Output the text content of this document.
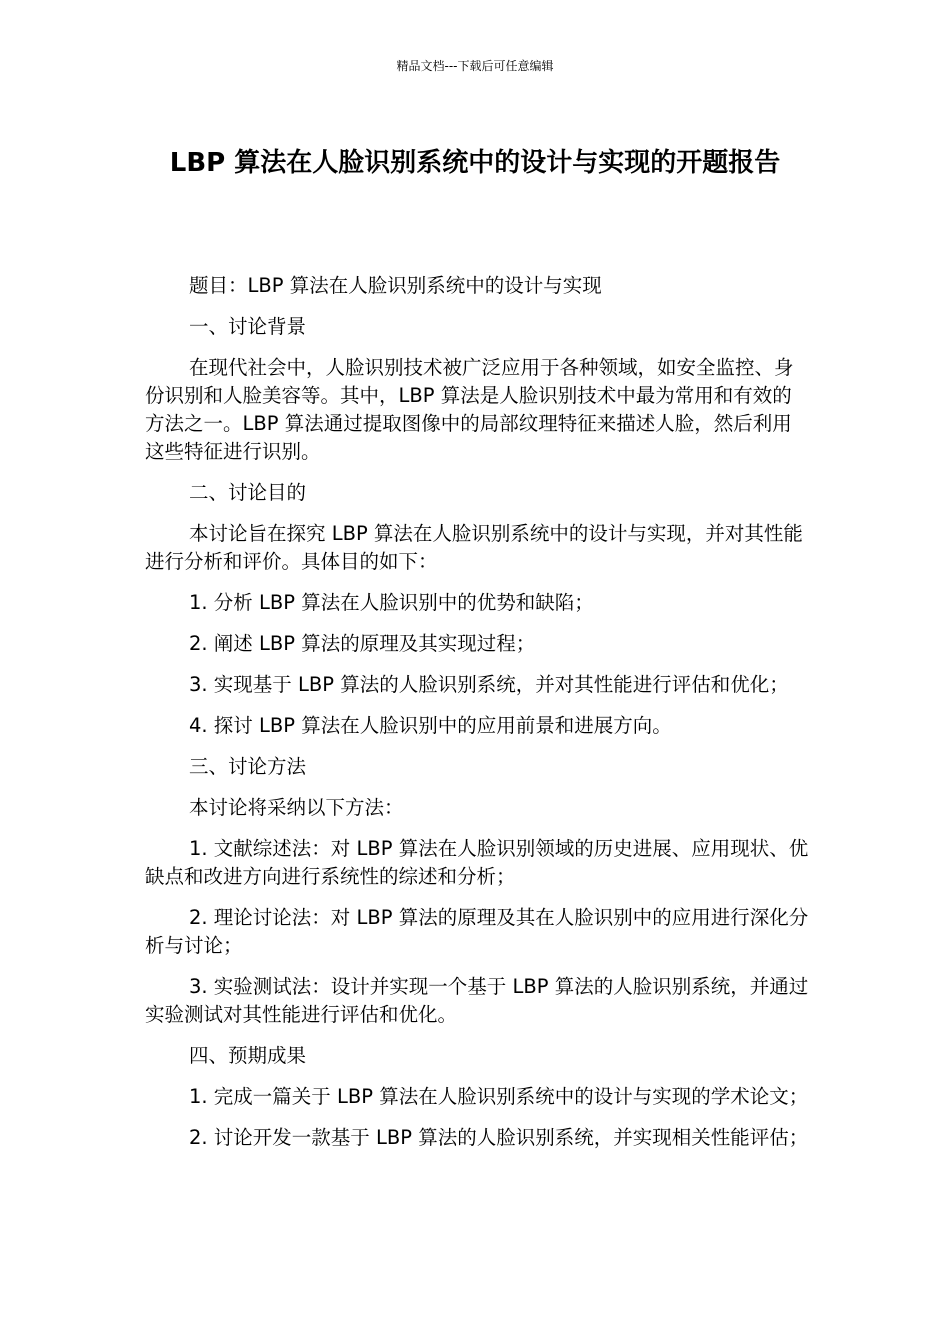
精品文档---下载后可任意编辑
LBP 算法在人脸识别系统中的设计与实现的开题报告

题目：LBP 算法在人脸识别系统中的设计与实现

一、讨论背景

在现代社会中，人脸识别技术被广泛应用于各种领域，如安全监控、身份识别和人脸美容等。其中，LBP 算法是人脸识别技术中最为常用和有效的方法之一。LBP 算法通过提取图像中的局部纹理特征来描述人脸，然后利用这些特征进行识别。

二、讨论目的

本讨论旨在探究 LBP 算法在人脸识别系统中的设计与实现，并对其性能进行分析和评价。具体目的如下：

1. 分析 LBP 算法在人脸识别中的优势和缺陷；

2. 阐述 LBP 算法的原理及其实现过程；

3. 实现基于 LBP 算法的人脸识别系统，并对其性能进行评估和优化；

4. 探讨 LBP 算法在人脸识别中的应用前景和进展方向。

三、讨论方法

本讨论将采纳以下方法：

1. 文献综述法：对 LBP 算法在人脸识别领域的历史进展、应用现状、优缺点和改进方向进行系统性的综述和分析；

2. 理论讨论法：对 LBP 算法的原理及其在人脸识别中的应用进行深化分析与讨论；

3. 实验测试法：设计并实现一个基于 LBP 算法的人脸识别系统，并通过实验测试对其性能进行评估和优化。

四、预期成果

1. 完成一篇关于 LBP 算法在人脸识别系统中的设计与实现的学术论文；

2. 讨论开发一款基于 LBP 算法的人脸识别系统，并实现相关性能评估；
